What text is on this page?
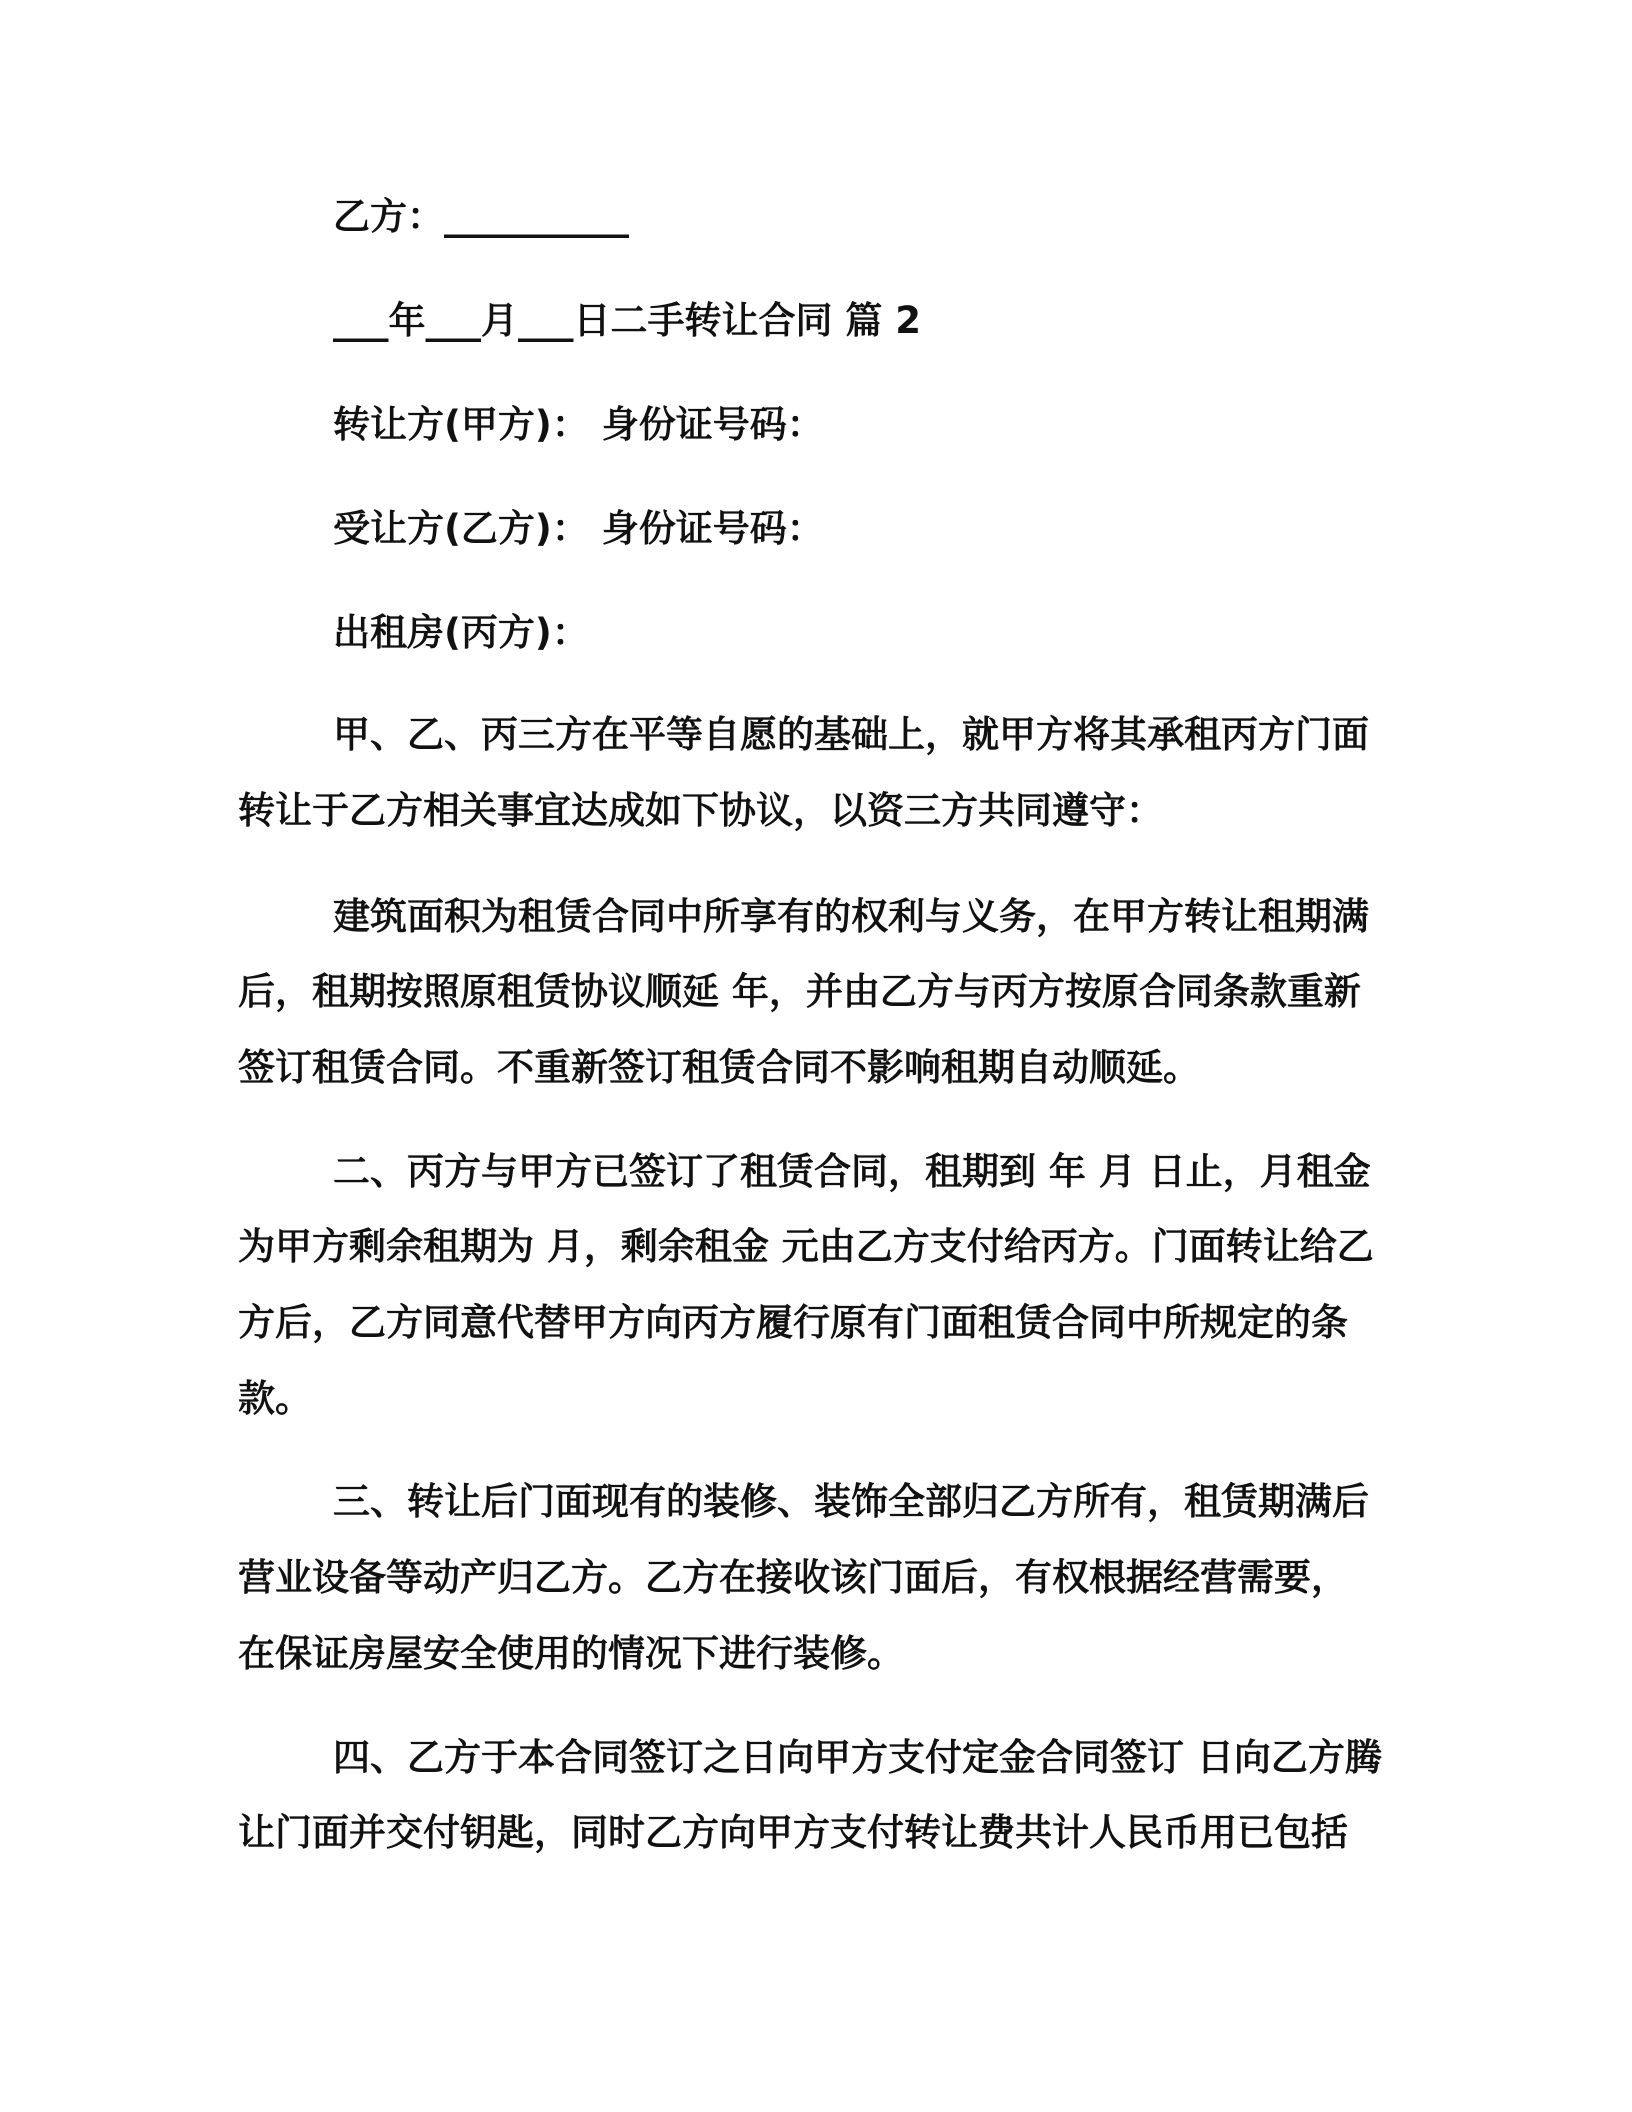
乙方：__________

___年___月___日二手转让合同 篇 2

转让方(甲方)： 身份证号码：

受让方(乙方)： 身份证号码：

出租房(丙方)：

甲、乙、丙三方在平等自愿的基础上，就甲方将其承租丙方门面

转让于乙方相关事宜达成如下协议，以资三方共同遵守：

建筑面积为租赁合同中所享有的权利与义务，在甲方转让租期满

后，租期按照原租赁协议顺延 年，并由乙方与丙方按原合同条款重新

签订租赁合同。不重新签订租赁合同不影响租期自动顺延。

二、丙方与甲方已签订了租赁合同，租期到 年 月 日止，月租金

为甲方剩余租期为 月，剩余租金 元由乙方支付给丙方。门面转让给乙

方后，乙方同意代替甲方向丙方履行原有门面租赁合同中所规定的条

款。

三、转让后门面现有的装修、装饰全部归乙方所有，租赁期满后

营业设备等动产归乙方。乙方在接收该门面后，有权根据经营需要，

在保证房屋安全使用的情况下进行装修。

四、乙方于本合同签订之日向甲方支付定金合同签订 日向乙方腾

让门面并交付钥匙，同时乙方向甲方支付转让费共计人民币用已包括
